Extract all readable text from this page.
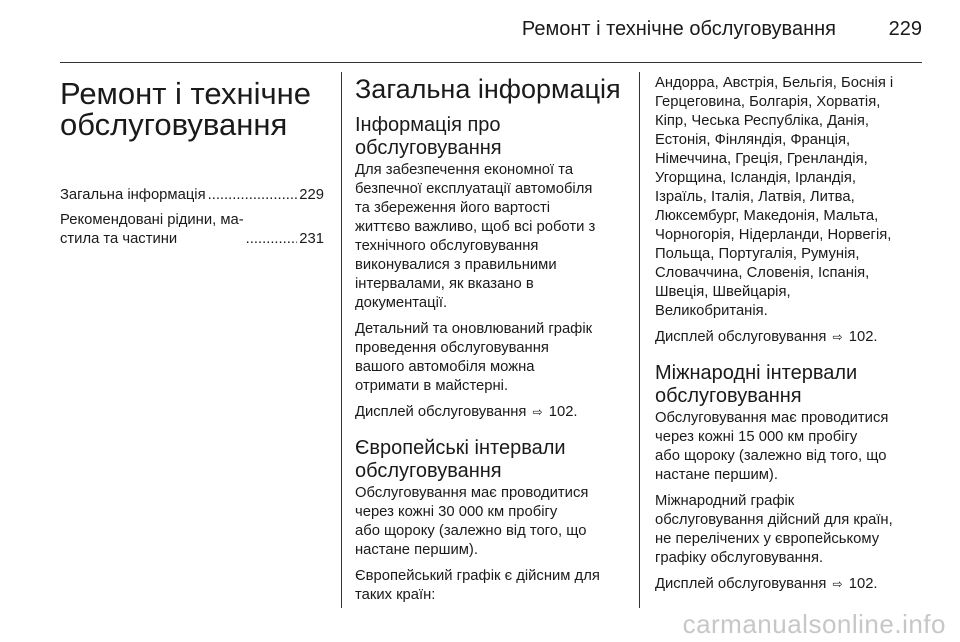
Ремонт і технічне обслуговування	229
Ремонт і технічне
обслуговування
Загальна інформація .....	229
Рекомендовані рідини, ма-
стила та частини .....	231
Загальна інформація
Інформація про
обслуговування

Для забезпечення економної та
безпечної експлуатації автомобіля
та збереження його вартості
життєво важливо, щоб всі роботи з
технічного обслуговування
виконувалися з правильними
інтервалами, як вказано в
документації.

Детальний та оновлюваний графік
проведення обслуговування
вашого автомобіля можна
отримати в майстерні.

Дисплей обслуговування ⇨ 102.

Європейські інтервали
обслуговування

Обслуговування має проводитися
через кожні 30 000 км пробігу
або щороку (залежно від того, що
настане першим).

Європейський графік є дійсним для
таких країн:

Андорра, Австрія, Бельгія, Боснія і
Герцеговина, Болгарія, Хорватія,
Кіпр, Чеська Республіка, Данія,
Естонія, Фінляндія, Франція,
Німеччина, Греція, Гренландія,
Угорщина, Ісландія, Ірландія,
Ізраїль, Італія, Латвія, Литва,
Люксембург, Македонія, Мальта,
Чорногорія, Нідерланди, Норвегія,
Польща, Португалія, Румунія,
Словаччина, Словенія, Іспанія,
Швеція, Швейцарія,
Великобританія.

Дисплей обслуговування ⇨ 102.

Міжнародні інтервали
обслуговування

Обслуговування має проводитися
через кожні 15 000 км пробігу
або щороку (залежно від того, що
настане першим).

Міжнародний графік
обслуговування дійсний для країн,
не перелічених у європейському
графіку обслуговування.

Дисплей обслуговування ⇨ 102.

carmanualsonline.info
